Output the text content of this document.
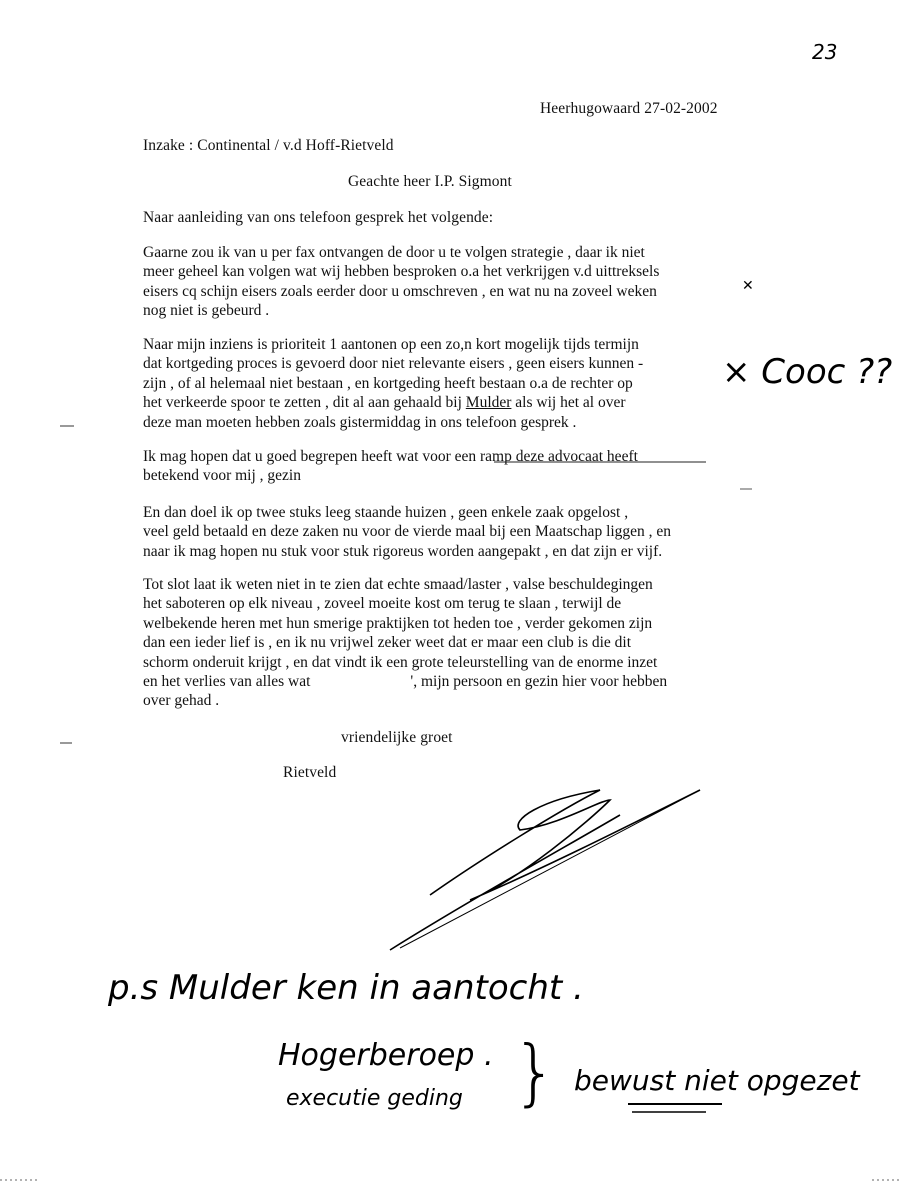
23
Heerhugowaard 27-02-2002
Inzake : Continental / v.d Hoff-Rietveld
Geachte heer I.P. Sigmont
Naar aanleiding van ons telefoon gesprek het volgende:
Gaarne zou ik van u per fax ontvangen de door u te volgen strategie , daar ik niet
meer geheel kan volgen wat wij hebben besproken o.a het verkrijgen v.d uittreksels
eisers cq schijn eisers zoals eerder door u omschreven , en wat nu na zoveel weken
nog niet is gebeurd .
Naar mijn inziens is prioriteit 1 aantonen op een zo,n kort mogelijk tijds termijn
dat kortgeding proces is gevoerd door niet relevante eisers , geen eisers kunnen -
zijn , of al helemaal niet bestaan , en kortgeding heeft bestaan o.a de rechter op
het verkeerde spoor te zetten , dit al aan gehaald bij Mulder als wij het al over
deze man moeten hebben zoals gistermiddag in ons telefoon gesprek .
Ik mag hopen dat u goed begrepen heeft wat voor een ramp deze advocaat heeft
betekend voor mij , gezin
En dan doel ik op twee stuks leeg staande huizen , geen enkele zaak opgelost ,
veel geld betaald en deze zaken nu voor de vierde maal bij een Maatschap liggen , en
naar ik mag hopen nu stuk voor stuk rigoreus worden aangepakt , en dat zijn er vijf.
Tot slot laat ik weten niet in te zien dat echte smaad/laster , valse beschuldegingen
het saboteren op elk niveau , zoveel moeite kost om terug te slaan , terwijl de
welbekende heren met hun smerige praktijken tot heden toe , verder gekomen zijn
dan een ieder lief is , en ik nu vrijwel zeker weet dat er maar een club is die dit
schorm onderuit krijgt , en dat vindt ik een grote teleurstelling van de enorme inzet
en het verlies van alles wat	', mijn persoon en gezin hier voor hebben
over gehad .
vriendelijke groet
Rietveld
✕
× Cooc ??
p.s Mulder ken in aantocht .
Hogerberoep .
executie geding } bewust niet opgezet
